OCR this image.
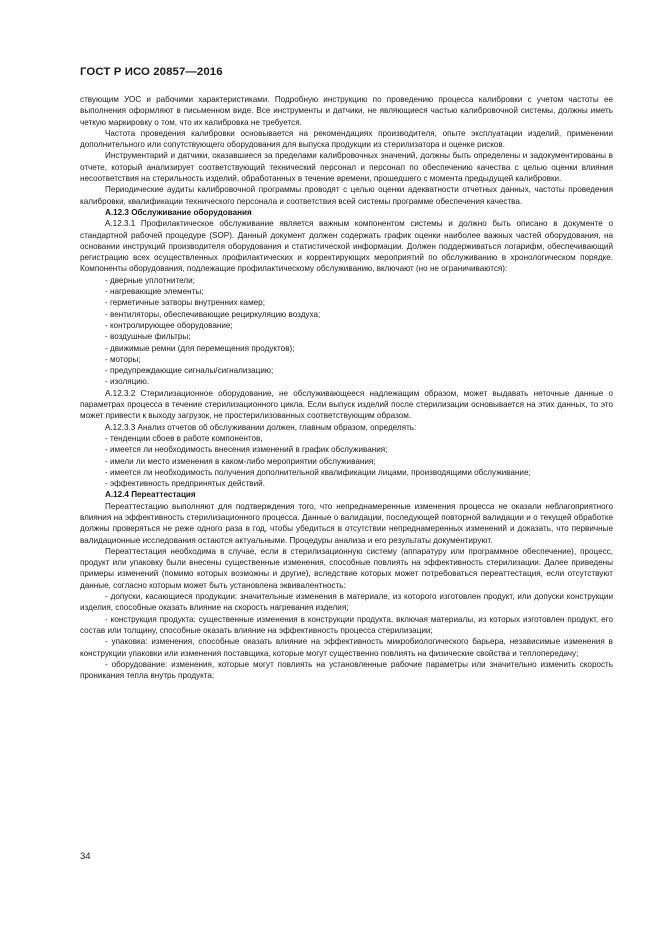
ГОСТ Р ИСО 20857—2016

ствующим УОС и рабочими характеристиками. Подробную инструкцию по проведению процесса калибровки с учетом частоты ее выполнения оформляют в письменном виде. Все инструменты и датчики, не являющиеся частью калибровочной системы, должны иметь четкую маркировку о том, что их калибровка не требуется.

Частота проведения калибровки основывается на рекомендациях производителя, опыте эксплуатации изделий, применении дополнительного или сопутствующего оборудования для выпуска продукции из стерилизатора и оценке рисков.

Инструментарий и датчики, оказавшиеся за пределами калибровочных значений, должны быть определены и задокументированы в отчете, который анализирует соответствующий технический персонал и персонал по обеспечению качества с целью оценки влияния несоответствия на стерильность изделий, обработанных в течение времени, прошедшего с момента предыдущей калибровки.

Периодические аудиты калибровочной программы проводят с целью оценки адекватности отчетных данных, частоты проведения калибровки, квалификации технического персонала и соответствия всей системы программе обеспечения качества.

А.12.3 Обслуживание оборудования

А.12.3.1 Профилактическое обслуживание является важным компонентом системы и должно быть описано в документе о стандартной рабочей процедуре (SOP). Данный документ должен содержать график оценки наиболее важных частей оборудования, на основании инструкций производителя оборудования и статистической информации. Должен поддерживаться логарифм, обеспечивающий регистрацию всех осуществленных профилактических и корректирующих мероприятий по обслуживанию в хронологическом порядке. Компоненты оборудования, подлежащие профилактическому обслуживанию, включают (но не ограничиваются):

- дверные уплотнители;

- нагревающие элементы;

- герметичные затворы внутренних камер;

- вентиляторы, обеспечивающие рециркуляцию воздуха;

- контролирующее оборудование;

- воздушные фильтры;

- движимые ремни (для перемещения продуктов);

- моторы;

- предупреждающие сигналы/сигнализацию;

- изоляцию.

А.12.3.2 Стерилизационное оборудование, не обслуживающееся надлежащим образом, может выдавать неточные данные о параметрах процесса в течение стерилизационного цикла. Если выпуск изделий после стерилизации основывается на этих данных, то это может привести к выходу загрузок, не простерилизованных соответствующим образом.

А.12.3.3 Анализ отчетов об обслуживании должен, главным образом, определять:

- тенденции сбоев в работе компонентов,

- имеется ли необходимость внесения изменений в график обслуживания;

- имели ли место изменения в каком-либо мероприятии обслуживания;

- имеется ли необходимость получения дополнительной квалификации лицами, производящими обслуживание;

- эффективность предпринятых действий.

А.12.4 Переаттестация

Переаттестацию выполняют для подтверждения того, что непреднамеренные изменения процесса не оказали неблагоприятного влияния на эффективность стерилизационного процесса. Данные о валидации, последующей повторной валидации и о текущей обработке должны проверяться не реже одного раза в год, чтобы убедиться в отсутствии непреднамеренных изменений и доказать, что первичные валидационные исследования остаются актуальными. Процедуры анализа и его результаты документируют.

Переаттестация необходима в случае, если в стерилизационную систему (аппаратуру или программное обеспечение), процесс, продукт или упаковку были внесены существенные изменения, способные повлиять на эффективность стерилизации. Далее приведены примеры изменений (помимо которых возможны и другие), вследствие которых может потребоваться переаттестация, если отсутствуют данные, согласно которым может быть установлена эквивалентность:

- допуски, касающиеся продукции: значительные изменения в материале, из которого изготовлен продукт, или допуски конструкции изделия, способные оказать влияние на скорость нагревания изделия;

- конструкция продукта: существенные изменения в конструкции продукта, включая материалы, из которых изготовлен продукт, его состав или толщину, способные оказать влияние на эффективность процесса стерилизации;

- упаковка: изменения, способные оказать влияние на эффективность микробиологического барьера, независимые изменения в конструкции упаковки или изменения поставщика, которые могут существенно повлиять на физические свойства и теплопередачу;

- оборудование: изменения, которые могут повлиять на установленные рабочие параметры или значительно изменить скорость проникания тепла внутрь продукта;

34
